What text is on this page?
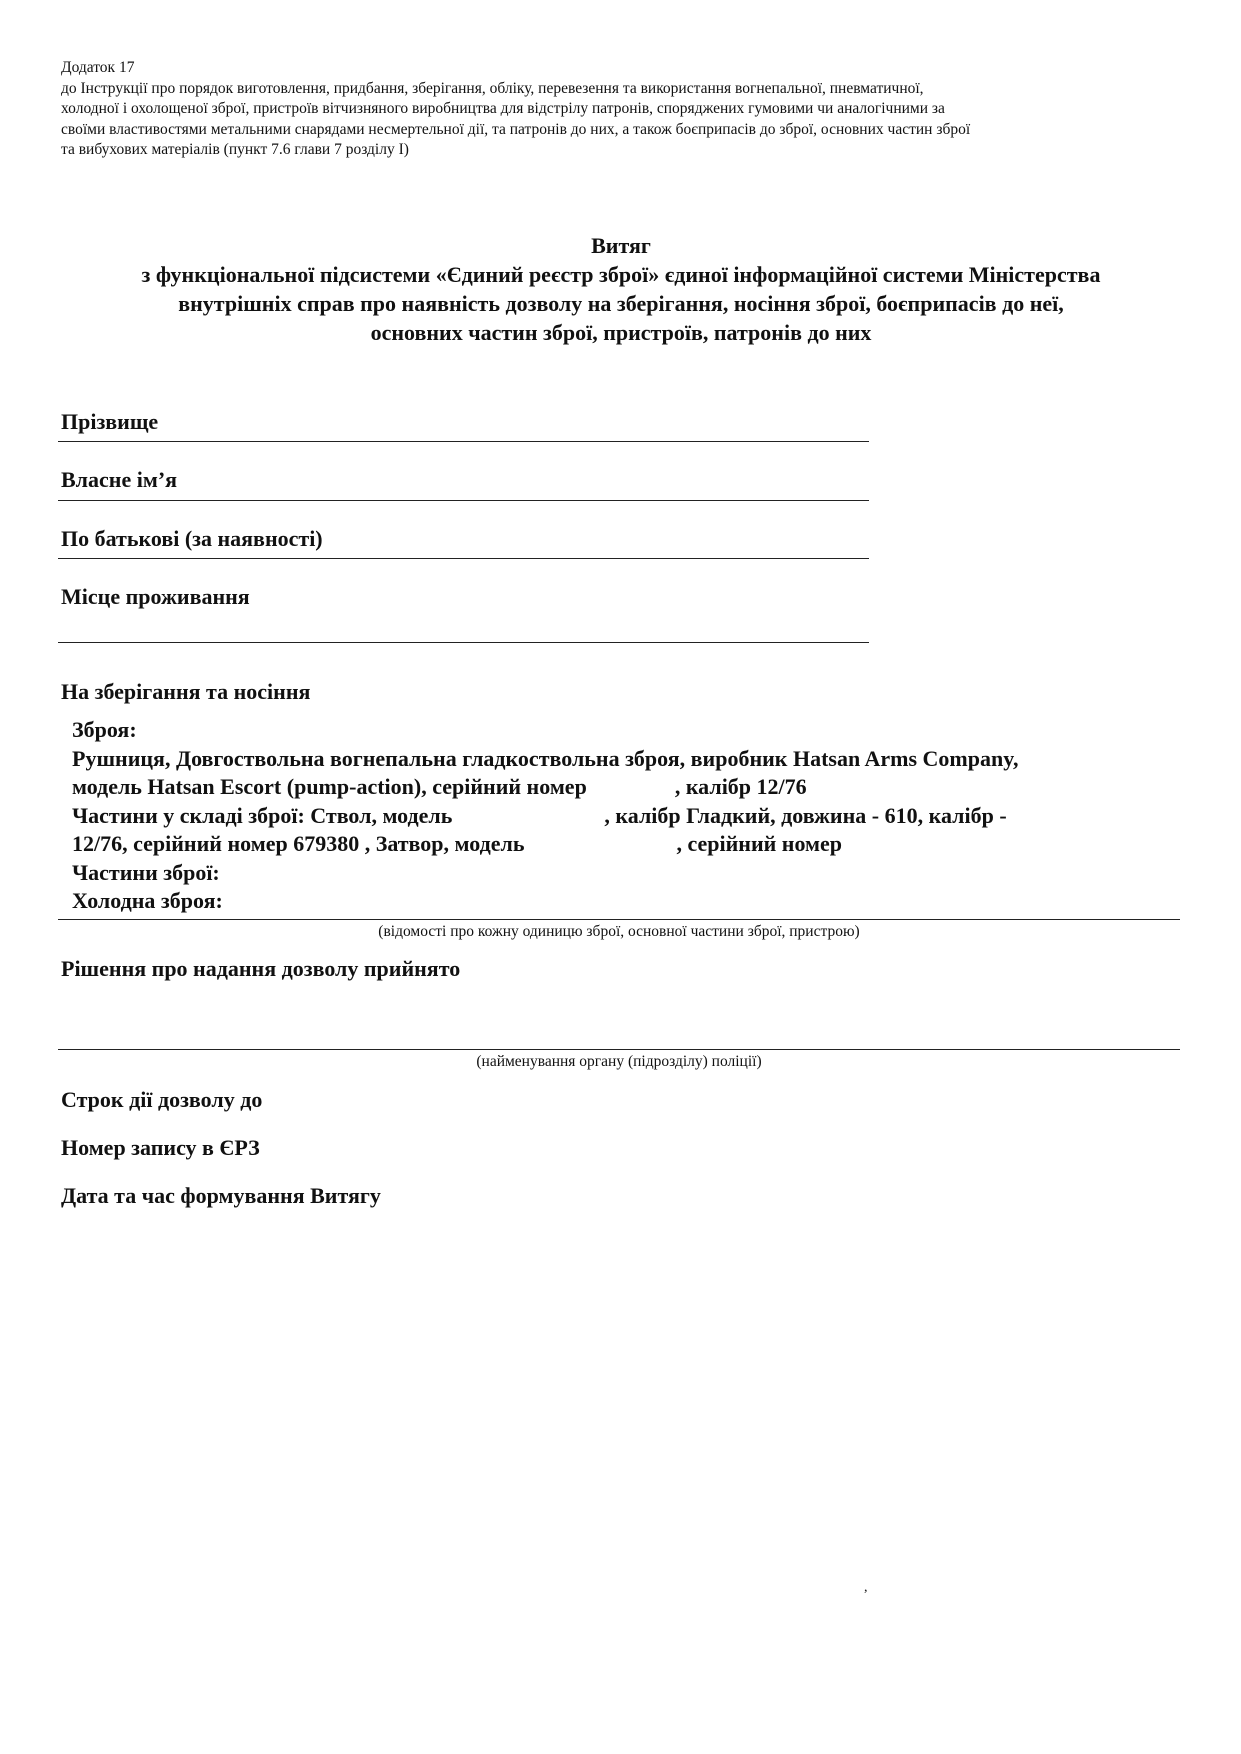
Додаток 17
до Інструкції про порядок виготовлення, придбання, зберігання, обліку, перевезення та використання вогнепальної, пневматичної,
холодної і охолощеної зброї, пристроїв вітчизняного виробництва для відстрілу патронів, споряджених гумовими чи аналогічними за
своїми властивостями метальними снарядами несмертельної дії, та патронів до них, а також боєприпасів до зброї, основних частин зброї
та вибухових матеріалів (пункт 7.6 глави 7 розділу І)
Витяг
з функціональної підсистеми «Єдиний реєстр зброї» єдиної інформаційної системи Міністерства
внутрішніх справ про наявність дозволу на зберігання, носіння зброї, боєприпасів до неї,
основних частин зброї, пристроїв, патронів до них
Прізвище
Власне ім’я
По батькові (за наявності)
Місце проживання
На зберігання та носіння
Зброя:
Рушниця, Довгоствольна вогнепальна гладкоствольна зброя, виробник Hatsan Arms Company,
модель Hatsan Escort (pump-action), серійний номер	, калібр 12/76
Частини у складі зброї: Ствол, модель	, калібр Гладкий, довжина - 610, калібр -
12/76, серійний номер 679380 , Затвор, модель	, серійний номер
Частини зброї:
Холодна зброя:
(відомості про кожну одиницю зброї, основної частини зброї, пристрою)
Рішення про надання дозволу прийнято
(найменування органу (підрозділу) поліції)
Строк дії дозволу до
Номер запису в ЄРЗ
Дата та час формування Витягу
,
